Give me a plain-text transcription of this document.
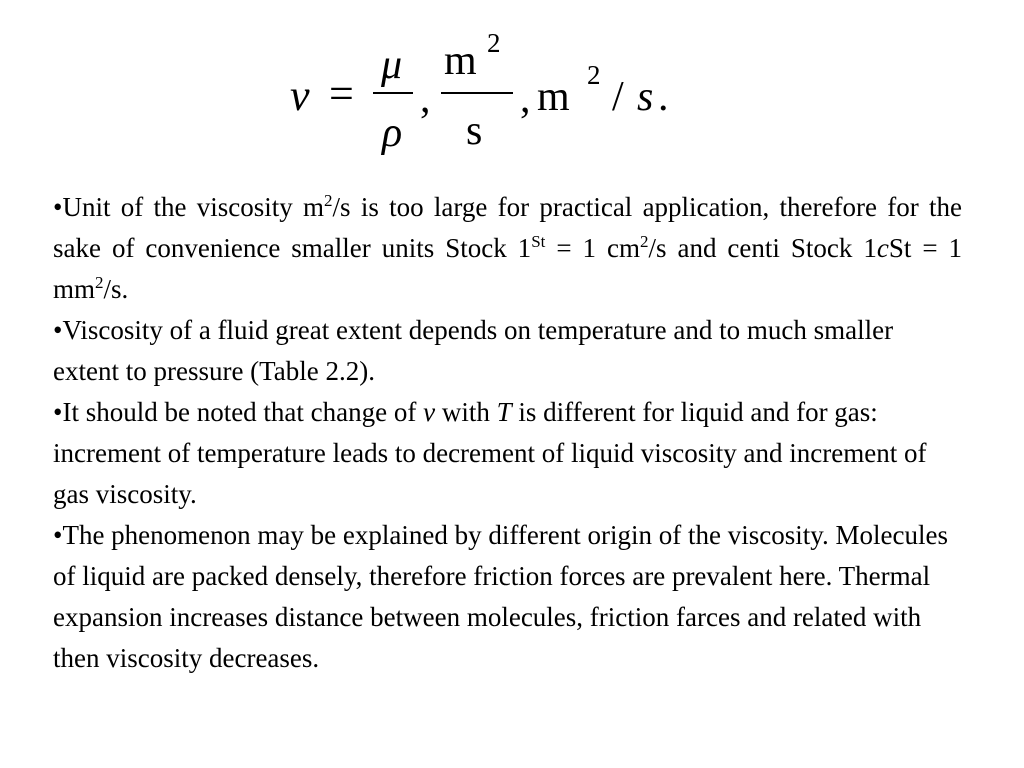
ν =
μ
ρ
,
m 2
s
, m 2 / s .

•Unit of the viscosity $m^2/s$ is too large for practical application, therefore for the sake of convenience smaller units Stock 1St = 1 $cm^2/s$ and centi Stock 1cSt = 1 $mm^2/s$.

•Viscosity of a fluid great extent depends on temperature and to much smaller extent to pressure (Table 2.2).

•It should be noted that change of ν with T is different for liquid and for gas: increment of temperature leads to decrement of liquid viscosity and increment of gas viscosity.

•The phenomenon may be explained by different origin of the viscosity. Molecules of liquid are packed densely, therefore friction forces are prevalent here. Thermal expansion increases distance between molecules, friction farces and related with then viscosity decreases.
